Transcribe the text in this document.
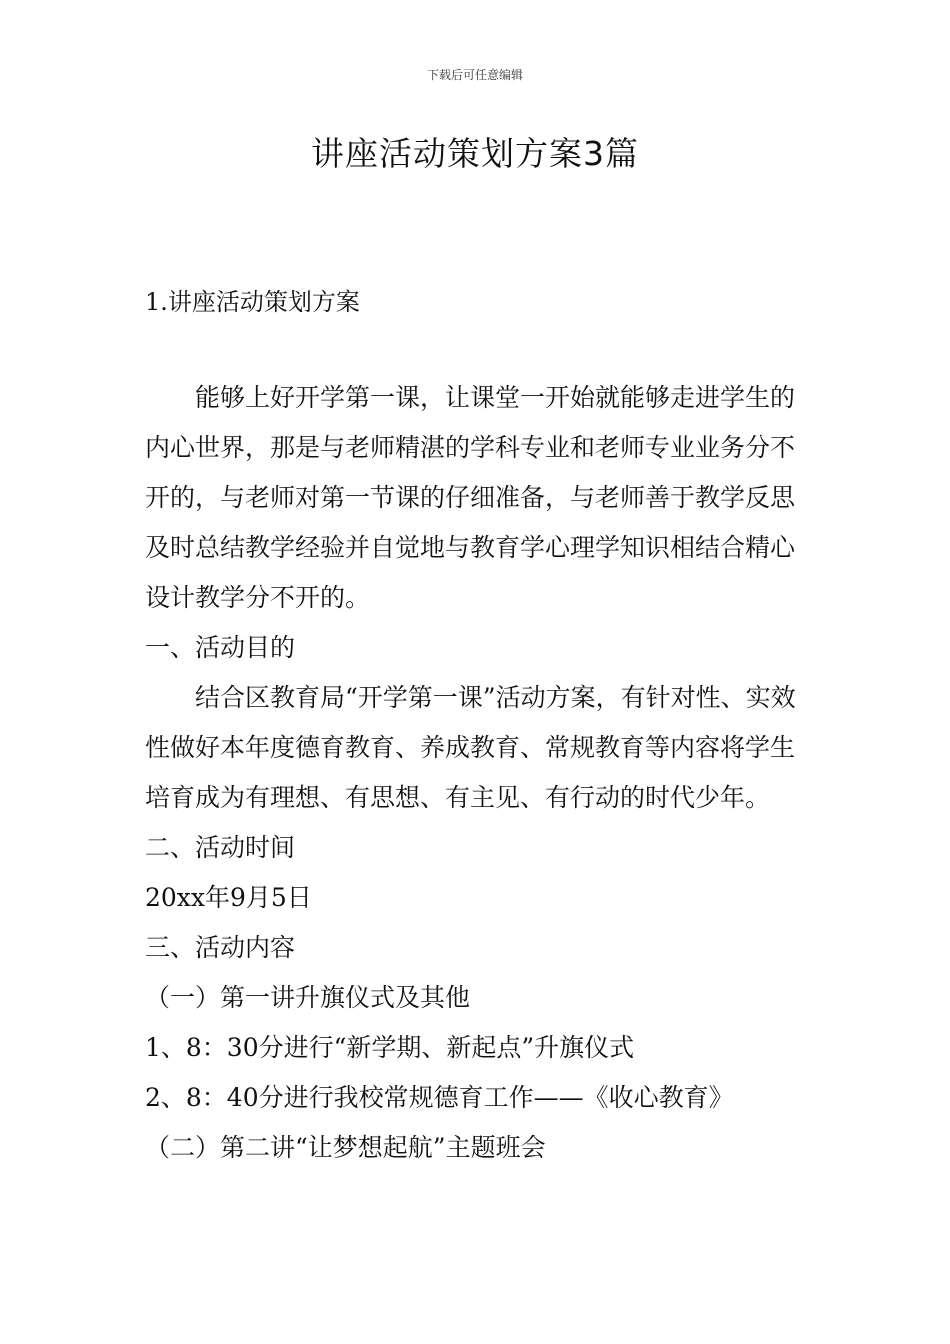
下载后可任意编辑
讲座活动策划方案3篇
1.讲座活动策划方案

能够上好开学第一课，让课堂一开始就能够走进学生的内心世界，那是与老师精湛的学科专业和老师专业业务分不开的，与老师对第一节课的仔细准备，与老师善于教学反思及时总结教学经验并自觉地与教育学心理学知识相结合精心设计教学分不开的。

一、活动目的

结合区教育局“开学第一课”活动方案，有针对性、实效性做好本年度德育教育、养成教育、常规教育等内容将学生培育成为有理想、有思想、有主见、有行动的时代少年。

二、活动时间

20xx年9月5日

三、活动内容

（一）第一讲升旗仪式及其他

1、8：30分进行“新学期、新起点”升旗仪式

2、8：40分进行我校常规德育工作——《收心教育》

（二）第二讲“让梦想起航”主题班会
